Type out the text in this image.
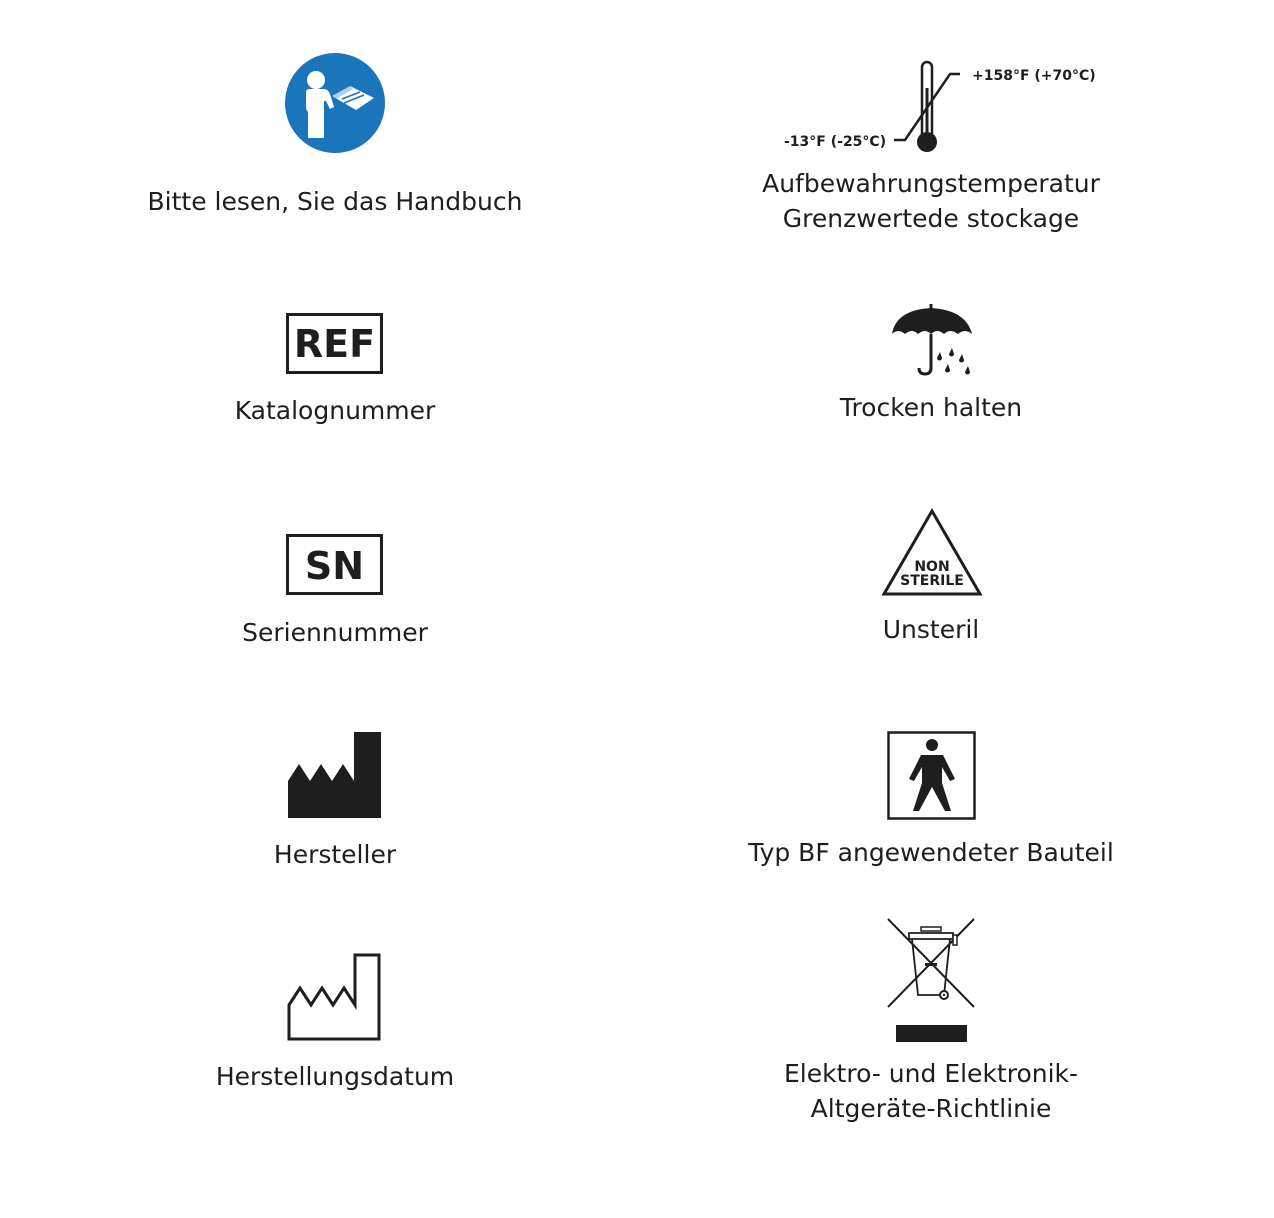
Bitte lesen, Sie das Handbuch
REF
Katalognummer
SN
Seriennummer
Hersteller
Herstellungsdatum
+158°F (+70°C)
-13°F (-25°C)
Aufbewahrungstemperatur
Grenzwertede stockage
Trocken halten
NON
STERILE
Unsteril
Typ BF angewendeter Bauteil
Elektro- und Elektronik-
Altgeräte-Richtlinie
